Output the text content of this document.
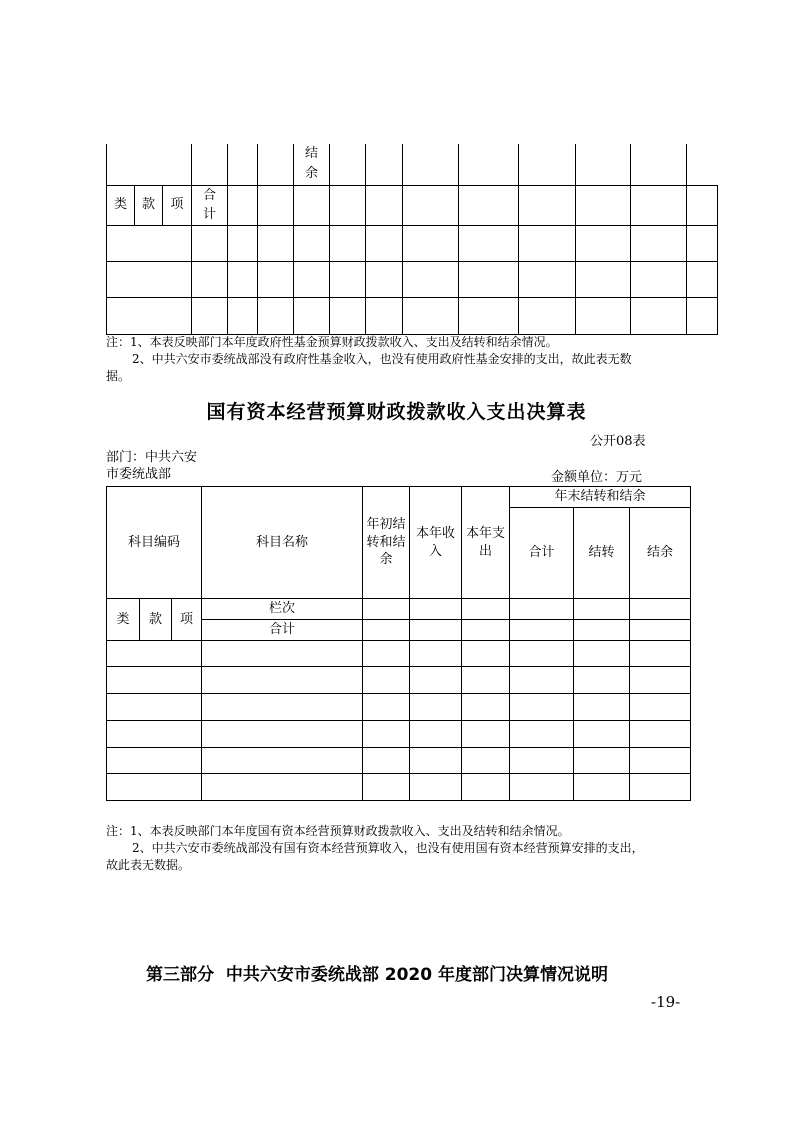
						结余								
类	款	项	合计											

注：1、本表反映部门本年度政府性基金预算财政拨款收入、支出及结转和结余情况。
2、中共六安市委统战部没有政府性基金收入，也没有使用政府性基金安排的支出，故此表无数
据。
国有资本经营预算财政拨款收入支出决算表
公开08表
部门：中共六安
市委统战部	金额单位：万元
科目编码			科目名称	年初结转和结余	本年收入	本年支出	年末结转和结余		
							合计	结转	结余
类	款	项	栏次						
			合计						

注：1、本表反映部门本年度国有资本经营预算财政拨款收入、支出及结转和结余情况。
2、中共六安市委统战部没有国有资本经营预算收入，也没有使用国有资本经营预算安排的支出，
故此表无数据。
第三部分  中共六安市委统战部 2020 年度部门决算情况说明
-19-
